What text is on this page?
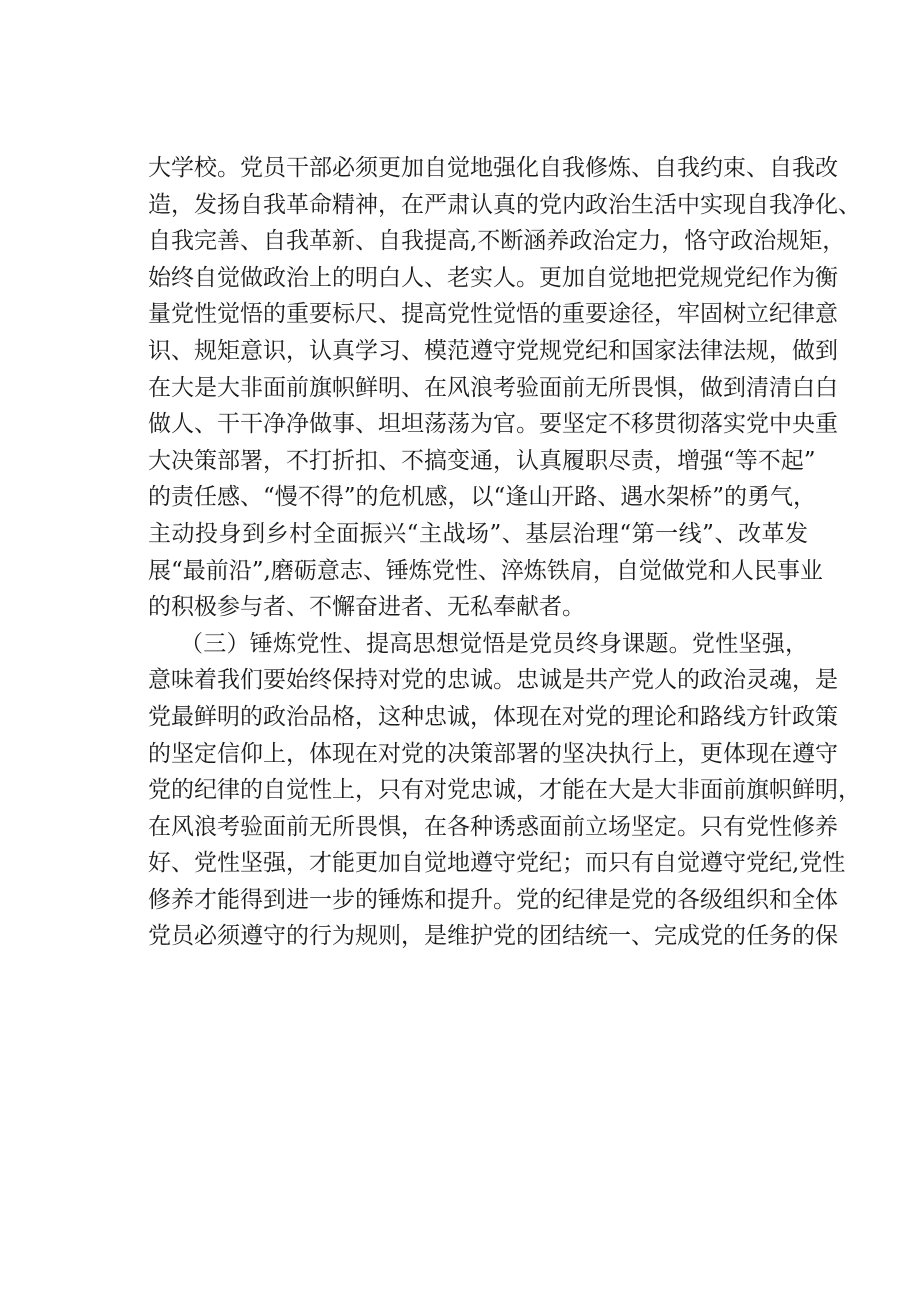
大学校。党员干部必须更加自觉地强化自我修炼、自我约束、自我改
造，发扬自我革命精神，在严肃认真的党内政治生活中实现自我净化、
自我完善、自我革新、自我提高,不断涵养政治定力，恪守政治规矩，
始终自觉做政治上的明白人、老实人。更加自觉地把党规党纪作为衡
量党性觉悟的重要标尺、提高党性觉悟的重要途径，牢固树立纪律意
识、规矩意识，认真学习、模范遵守党规党纪和国家法律法规，做到
在大是大非面前旗帜鲜明、在风浪考验面前无所畏惧，做到清清白白
做人、干干净净做事、坦坦荡荡为官。要坚定不移贯彻落实党中央重
大决策部署，不打折扣、不搞变通，认真履职尽责，增强“等不起”
的责任感、“慢不得”的危机感，以“逢山开路、遇水架桥”的勇气，
主动投身到乡村全面振兴“主战场”、基层治理“第一线”、改革发
展“最前沿”,磨砺意志、锤炼党性、淬炼铁肩，自觉做党和人民事业
的积极参与者、不懈奋进者、无私奉献者。
（三）锤炼党性、提高思想觉悟是党员终身课题。党性坚强，
意味着我们要始终保持对党的忠诚。忠诚是共产党人的政治灵魂，是
党最鲜明的政治品格，这种忠诚，体现在对党的理论和路线方针政策
的坚定信仰上，体现在对党的决策部署的坚决执行上，更体现在遵守
党的纪律的自觉性上，只有对党忠诚，才能在大是大非面前旗帜鲜明，
在风浪考验面前无所畏惧，在各种诱惑面前立场坚定。只有党性修养
好、党性坚强，才能更加自觉地遵守党纪；而只有自觉遵守党纪,党性
修养才能得到进一步的锤炼和提升。党的纪律是党的各级组织和全体
党员必须遵守的行为规则，是维护党的团结统一、完成党的任务的保
